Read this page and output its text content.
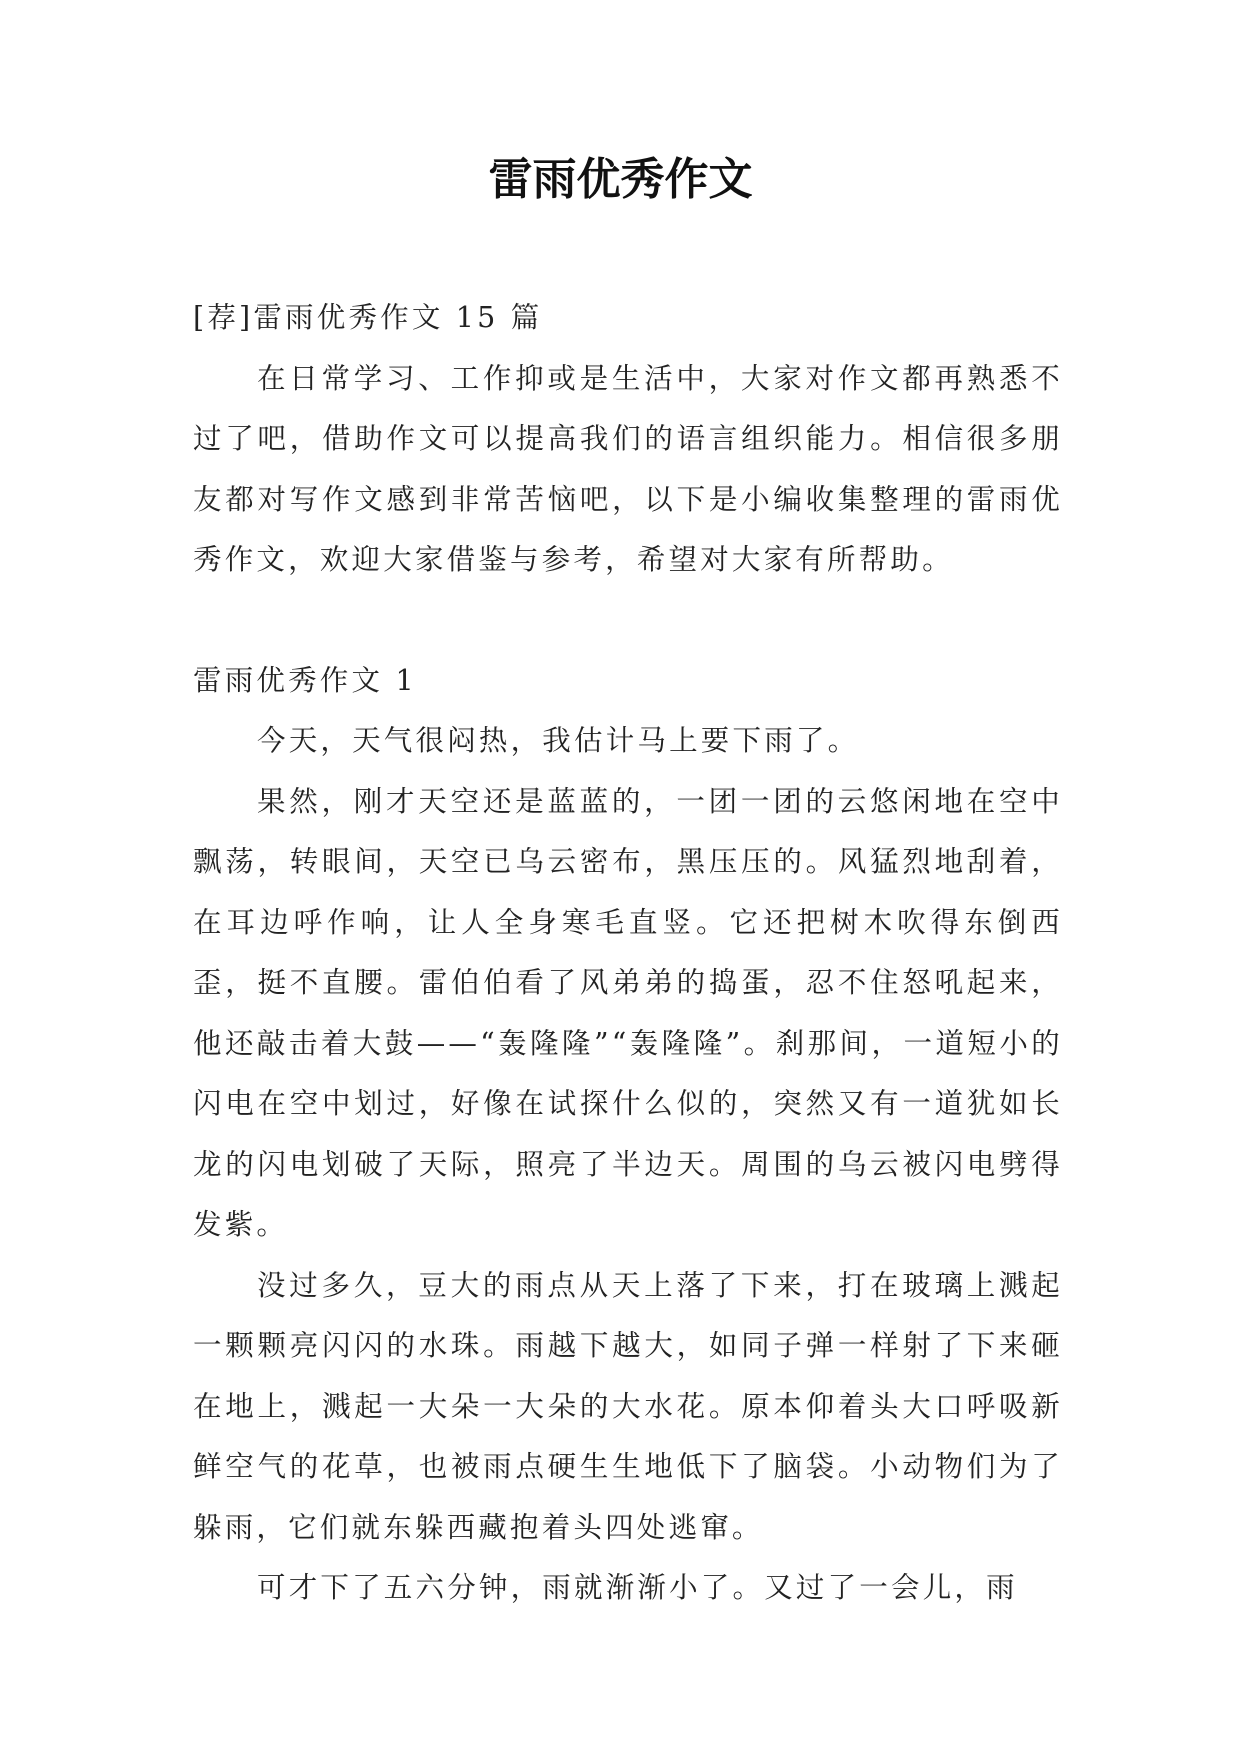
雷雨优秀作文

[荐]雷雨优秀作文 15 篇

在日常学习、工作抑或是生活中，大家对作文都再熟悉不过了吧，借助作文可以提高我们的语言组织能力。相信很多朋友都对写作文感到非常苦恼吧，以下是小编收集整理的雷雨优秀作文，欢迎大家借鉴与参考，希望对大家有所帮助。

雷雨优秀作文 1

今天，天气很闷热，我估计马上要下雨了。

果然，刚才天空还是蓝蓝的，一团一团的云悠闲地在空中飘荡，转眼间，天空已乌云密布，黑压压的。风猛烈地刮着，在耳边呼作响，让人全身寒毛直竖。它还把树木吹得东倒西歪，挺不直腰。雷伯伯看了风弟弟的捣蛋，忍不住怒吼起来，他还敲击着大鼓——“轰隆隆”“轰隆隆”。刹那间，一道短小的闪电在空中划过，好像在试探什么似的，突然又有一道犹如长龙的闪电划破了天际，照亮了半边天。周围的乌云被闪电劈得发紫。

没过多久，豆大的雨点从天上落了下来，打在玻璃上溅起一颗颗亮闪闪的水珠。雨越下越大，如同子弹一样射了下来砸在地上，溅起一大朵一大朵的大水花。原本仰着头大口呼吸新鲜空气的花草，也被雨点硬生生地低下了脑袋。小动物们为了躲雨，它们就东躲西藏抱着头四处逃窜。

可才下了五六分钟，雨就渐渐小了。又过了一会儿，雨
